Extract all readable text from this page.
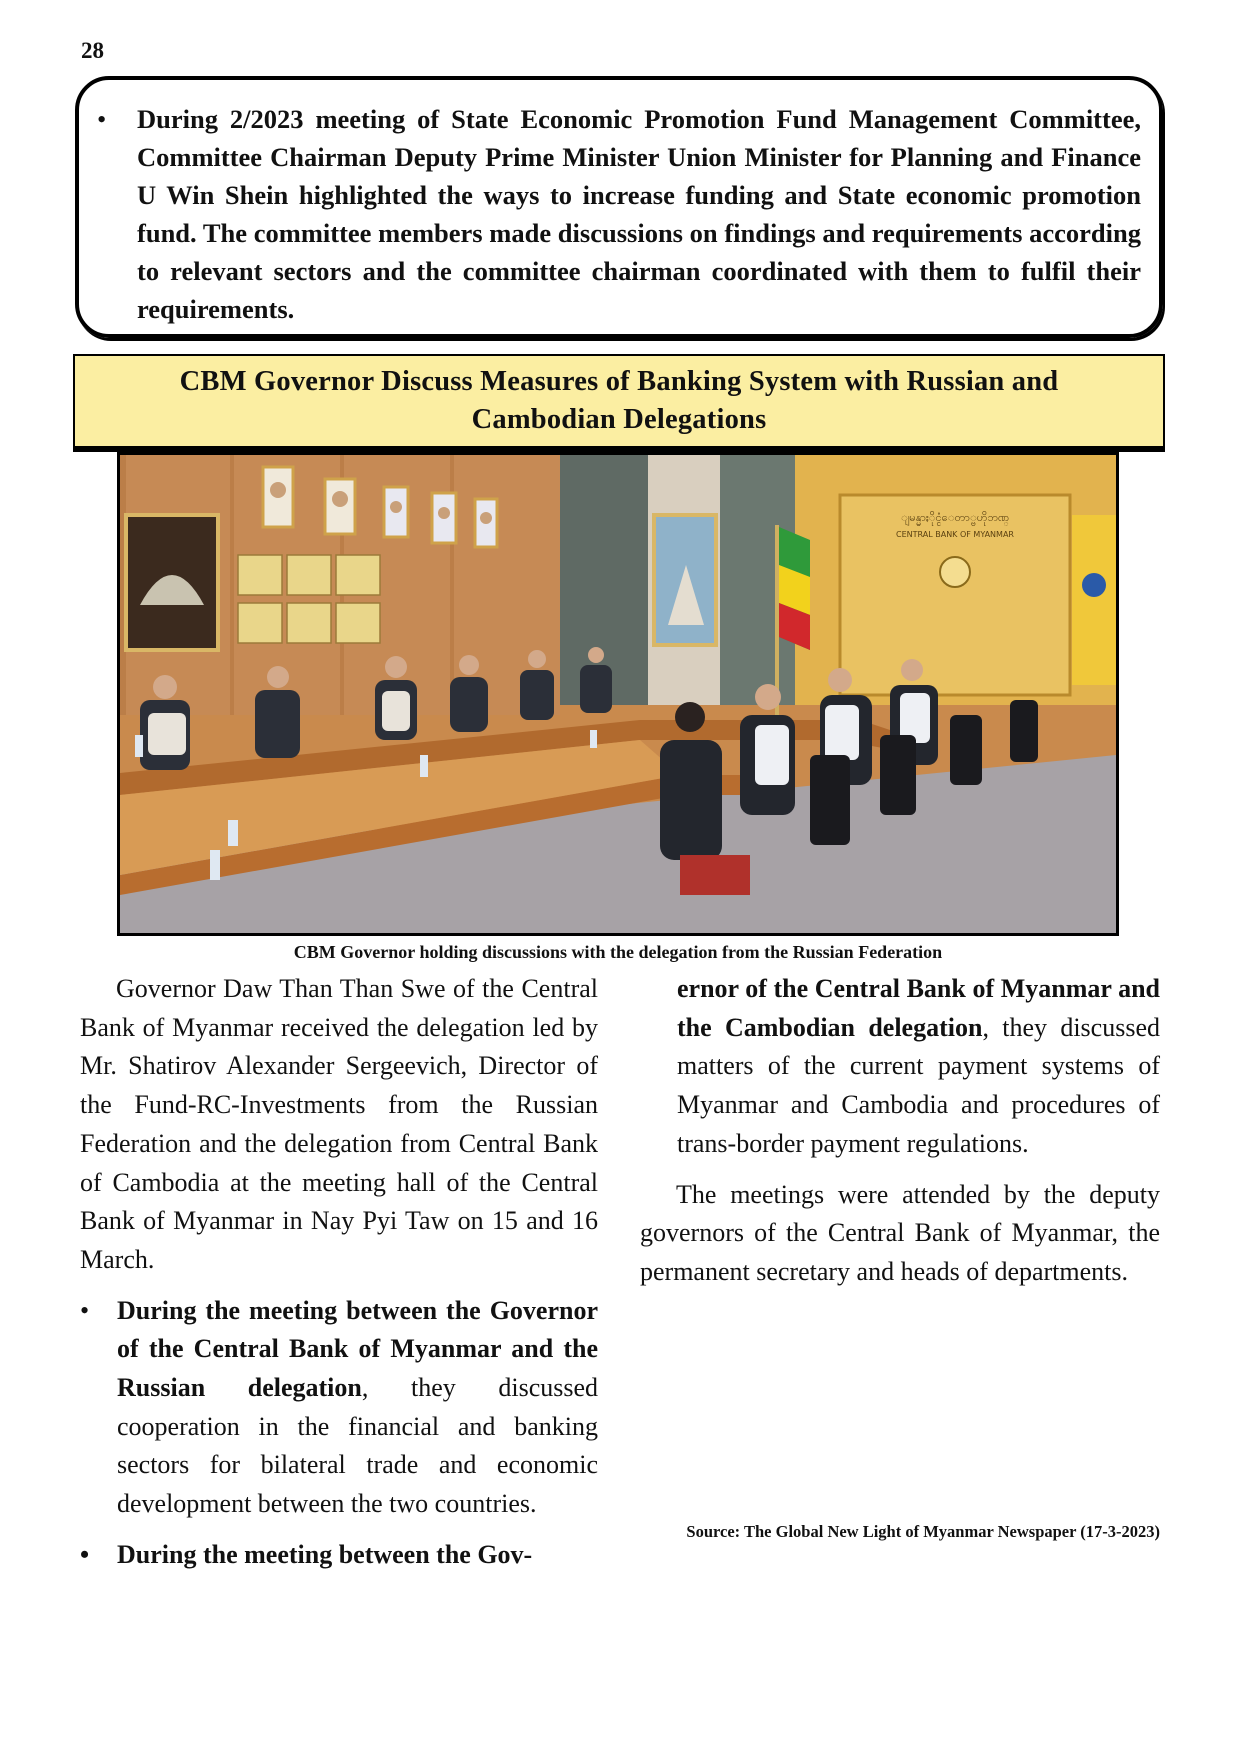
28
• During 2/2023 meeting of State Economic Promotion Fund Management Committee, Committee Chairman Deputy Prime Minister Union Minister for Planning and Finance U Win Shein highlighted the ways to increase funding and State economic promotion fund. The committee members made discussions on findings and requirements according to relevant sectors and the committee chairman coordinated with them to fulfil their requirements.
CBM Governor Discuss Measures of Banking System with Russian and
Cambodian Delegations
ျမန္မာႏိုင္ငံေတာ္ဗဟိုဘဏ္
CENTRAL BANK OF MYANMAR
CBM Governor holding discussions with the delegation from the Russian Federation

Governor Daw Than Than Swe of the Central Bank of Myanmar received the delegation led by Mr. Shatirov Alexander Sergeevich, Director of the Fund-RC-Investments from the Russian Federation and the delegation from Central Bank of Cambodia at the meeting hall of the Central Bank of Myanmar in Nay Pyi Taw on 15 and 16 March.

• During the meeting between the Governor of the Central Bank of Myanmar and the Russian delegation, they discussed cooperation in the financial and banking sectors for bilateral trade and economic development between the two countries.
• During the meeting between the Gov-

ernor of the Central Bank of Myanmar and the Cambodian delegation, they discussed matters of the current payment systems of Myanmar and Cambodia and procedures of trans-border payment regulations.

The meetings were attended by the deputy governors of the Central Bank of Myanmar, the permanent secretary and heads of departments.

Source: The Global New Light of Myanmar Newspaper (17-3-2023)
